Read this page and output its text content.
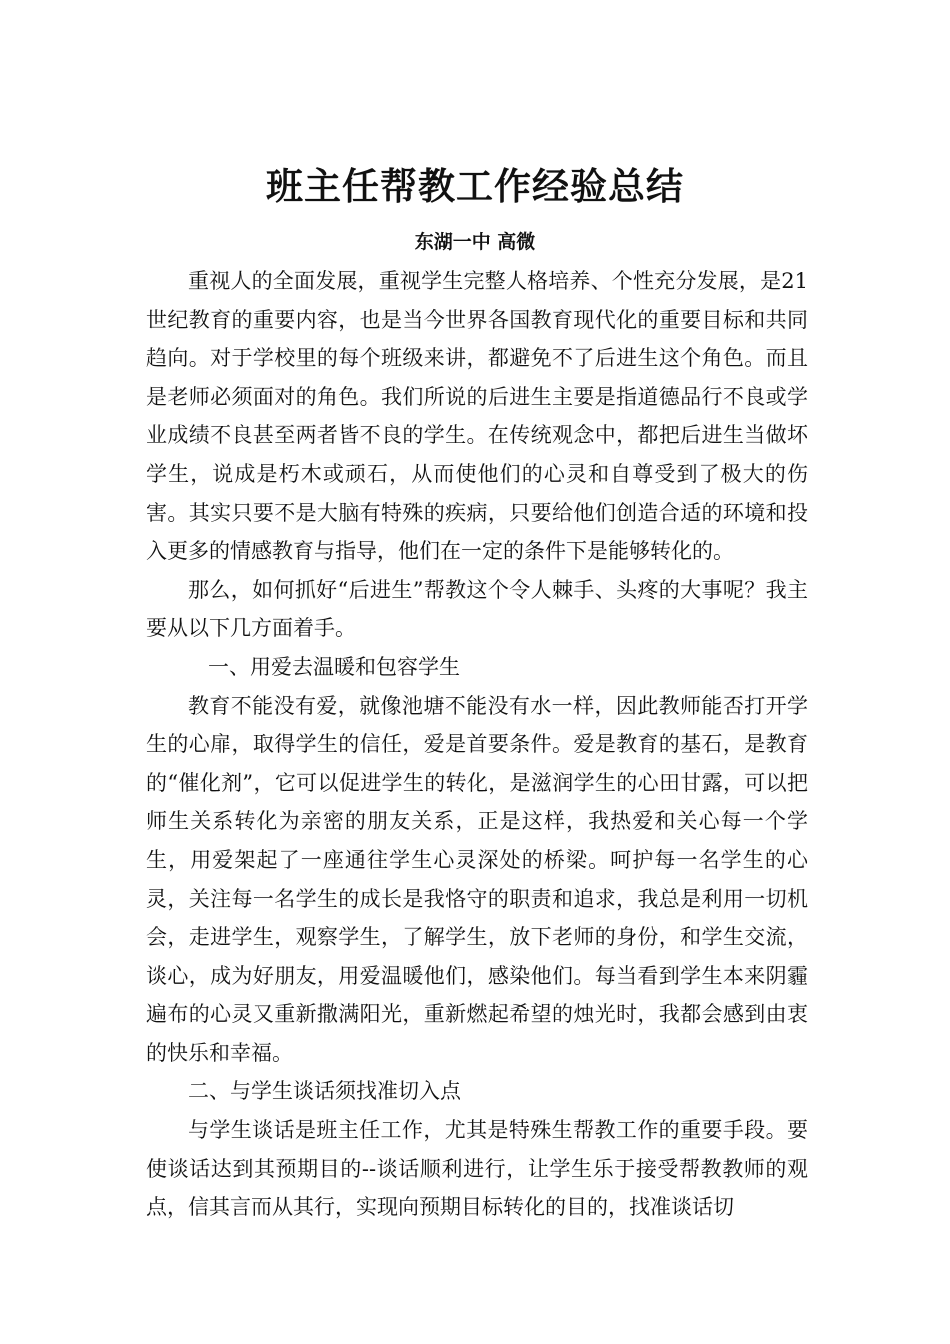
班主任帮教工作经验总结
东湖一中 高微

重视人的全面发展，重视学生完整人格培养、个性充分发展，是21世纪教育的重要内容，也是当今世界各国教育现代化的重要目标和共同趋向。对于学校里的每个班级来讲，都避免不了后进生这个角色。而且是老师必须面对的角色。我们所说的后进生主要是指道德品行不良或学业成绩不良甚至两者皆不良的学生。在传统观念中，都把后进生当做坏学生，说成是朽木或顽石，从而使他们的心灵和自尊受到了极大的伤害。其实只要不是大脑有特殊的疾病，只要给他们创造合适的环境和投入更多的情感教育与指导，他们在一定的条件下是能够转化的。

那么，如何抓好“后进生”帮教这个令人棘手、头疼的大事呢？我主要从以下几方面着手。

一、用爱去温暖和包容学生

教育不能没有爱，就像池塘不能没有水一样，因此教师能否打开学生的心扉，取得学生的信任，爱是首要条件。爱是教育的基石，是教育的“催化剂”，它可以促进学生的转化，是滋润学生的心田甘露，可以把师生关系转化为亲密的朋友关系，正是这样，我热爱和关心每一个学生，用爱架起了一座通往学生心灵深处的桥梁。呵护每一名学生的心灵，关注每一名学生的成长是我恪守的职责和追求，我总是利用一切机会，走进学生，观察学生，了解学生，放下老师的身份，和学生交流，谈心，成为好朋友，用爱温暖他们，感染他们。每当看到学生本来阴霾遍布的心灵又重新撒满阳光，重新燃起希望的烛光时，我都会感到由衷的快乐和幸福。

二、与学生谈话须找准切入点

与学生谈话是班主任工作，尤其是特殊生帮教工作的重要手段。要使谈话达到其预期目的--谈话顺利进行，让学生乐于接受帮教教师的观点，信其言而从其行，实现向预期目标转化的目的，找准谈话切
